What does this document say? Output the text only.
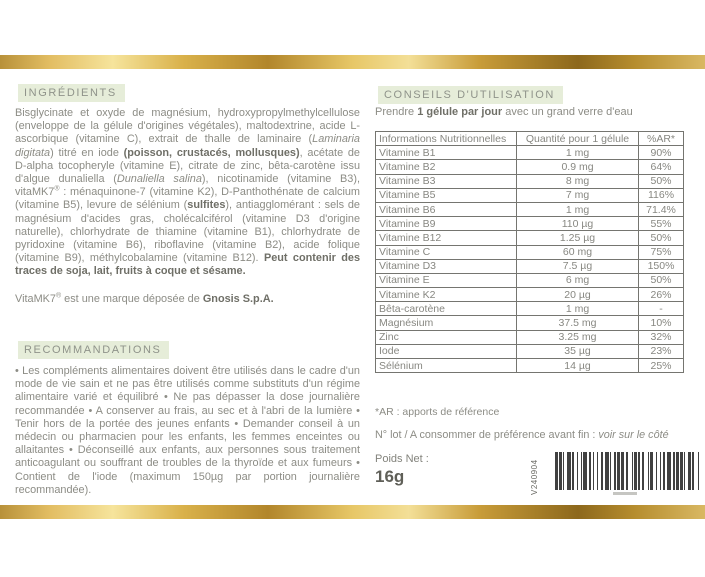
INGRÉDIENTS

Bisglycinate et oxyde de magnésium, hydroxypropylmethylcellulose (enveloppe de la gélule d'origines végétales), maltodextrine, acide L-ascorbique (vitamine C), extrait de thalle de laminaire (Laminaria digitata) titré en iode (poisson, crustacés, mollusques), acétate de D-alpha tocopheryle (vitamine E), citrate de zinc, bêta-carotène issu d'algue dunaliella (Dunaliella salina), nicotinamide (vitamine B3), vitaMK7® : ménaquinone-7 (vitamine K2), D-Panthothénate de calcium (vitamine B5), levure de sélénium (sulfites), antiagglomérant : sels de magnésium d'acides gras, cholécalciférol (vitamine D3 d'origine naturelle), chlorhydrate de thiamine (vitamine B1), chlorhydrate de pyridoxine (vitamine B6), riboflavine (vitamine B2), acide folique (vitamine B9), méthylcobalamine (vitamine B12). Peut contenir des traces de soja, lait, fruits à coque et sésame.

VitaMK7® est une marque déposée de Gnosis S.p.A.

RECOMMANDATIONS

• Les compléments alimentaires doivent être utilisés dans le cadre d'un mode de vie sain et ne pas être utilisés comme substituts d'un régime alimentaire varié et équilibré • Ne pas dépasser la dose journalière recommandée • A conserver au frais, au sec et à l'abri de la lumière • Tenir hors de la portée des jeunes enfants • Demander conseil à un médecin ou pharmacien pour les enfants, les femmes enceintes ou allaitantes • Déconseillé aux enfants, aux personnes sous traitement anticoagulant ou souffrant de troubles de la thyroïde et aux fumeurs • Contient de l'iode (maximum 150µg par portion journalière recommandée).

CONSEILS D'UTILISATION

Prendre 1 gélule par jour avec un grand verre d'eau

Informations Nutritionnelles	Quantité pour 1 gélule	%AR*
Vitamine B1	1 mg	90%
Vitamine B2	0.9 mg	64%
Vitamine B3	8 mg	50%
Vitamine B5	7 mg	116%
Vitamine B6	1 mg	71.4%
Vitamine B9	110 µg	55%
Vitamine B12	1.25 µg	50%
Vitamine C	60 mg	75%
Vitamine D3	7.5 µg	150%
Vitamine E	6 mg	50%
Vitamine K2	20 µg	26%
Bêta-carotène	1 mg	-
Magnésium	37.5 mg	10%
Zinc	3.25 mg	32%
Iode	35 µg	23%
Sélénium	14 µg	25%

*AR : apports de référence

N° lot / A consommer de préférence avant fin : voir sur le côté

Poids Net :

16g	V240904
